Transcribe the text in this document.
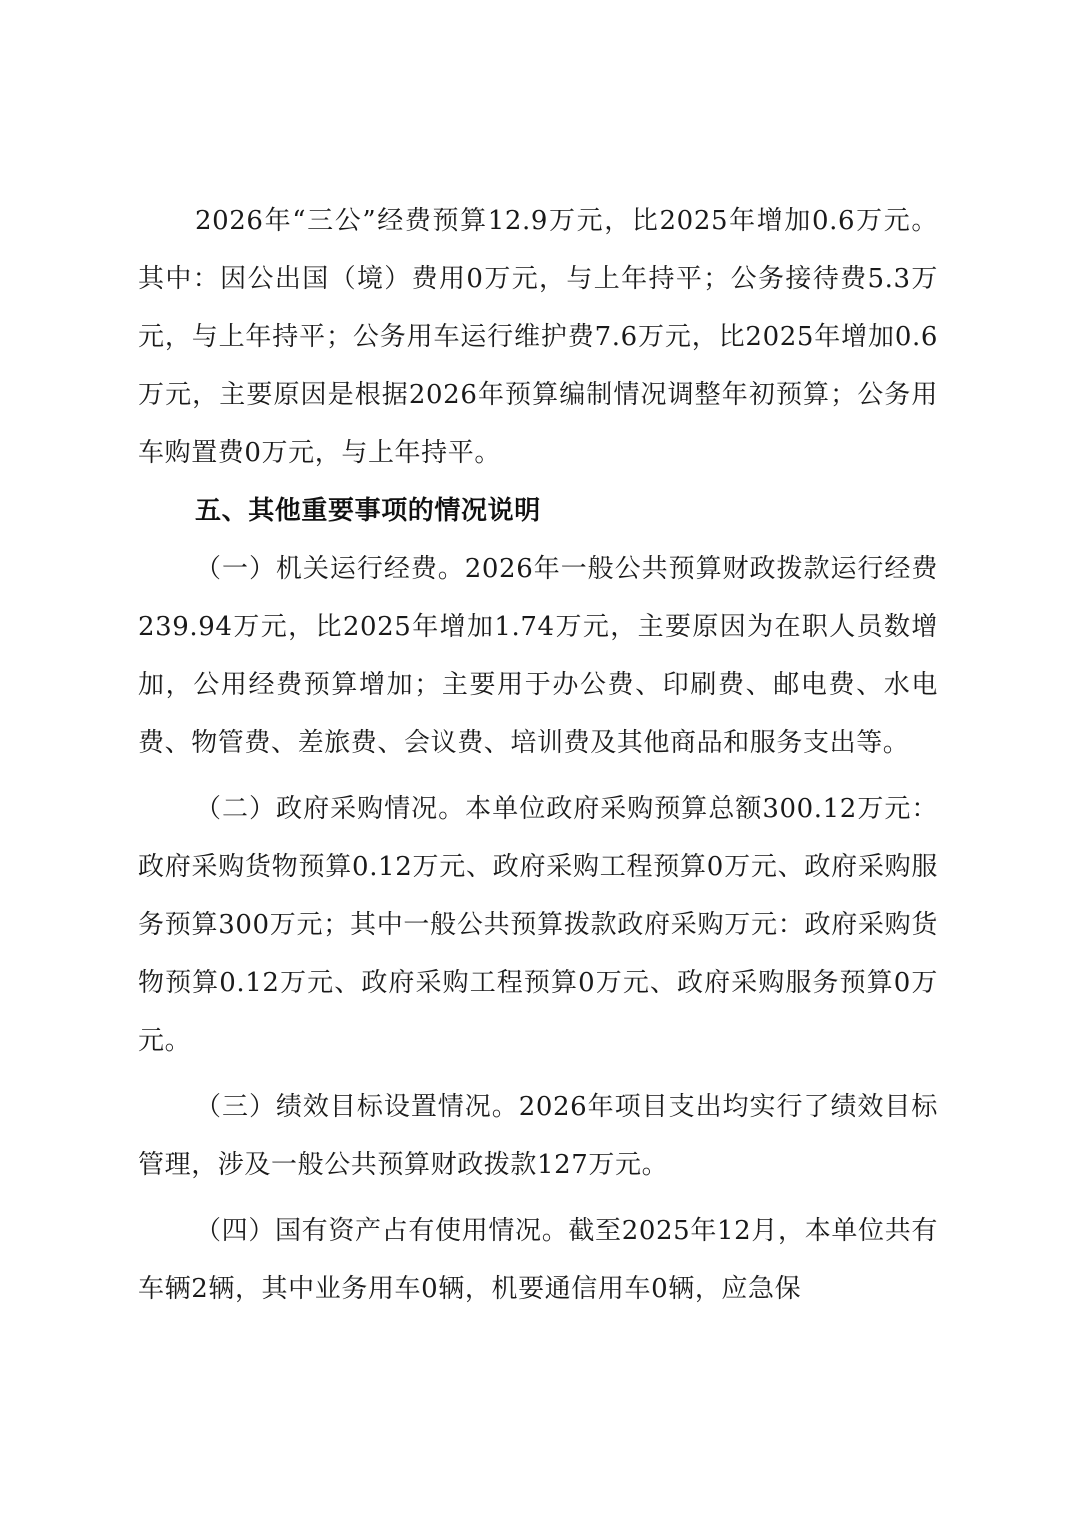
2026年“三公”经费预算12.9万元，比2025年增加0.6万元。其中：因公出国（境）费用0万元，与上年持平；公务接待费5.3万元，与上年持平；公务用车运行维护费7.6万元，比2025年增加0.6万元，主要原因是根据2026年预算编制情况调整年初预算；公务用车购置费0万元，与上年持平。

五、其他重要事项的情况说明

（一）机关运行经费。2026年一般公共预算财政拨款运行经费239.94万元，比2025年增加1.74万元，主要原因为在职人员数增加，公用经费预算增加；主要用于办公费、印刷费、邮电费、水电费、物管费、差旅费、会议费、培训费及其他商品和服务支出等。

（二）政府采购情况。本单位政府采购预算总额300.12万元：政府采购货物预算0.12万元、政府采购工程预算0万元、政府采购服务预算300万元；其中一般公共预算拨款政府采购万元：政府采购货物预算0.12万元、政府采购工程预算0万元、政府采购服务预算0万元。

（三）绩效目标设置情况。2026年项目支出均实行了绩效目标管理，涉及一般公共预算财政拨款127万元。

（四）国有资产占有使用情况。截至2025年12月，本单位共有车辆2辆，其中业务用车0辆，机要通信用车0辆，应急保
